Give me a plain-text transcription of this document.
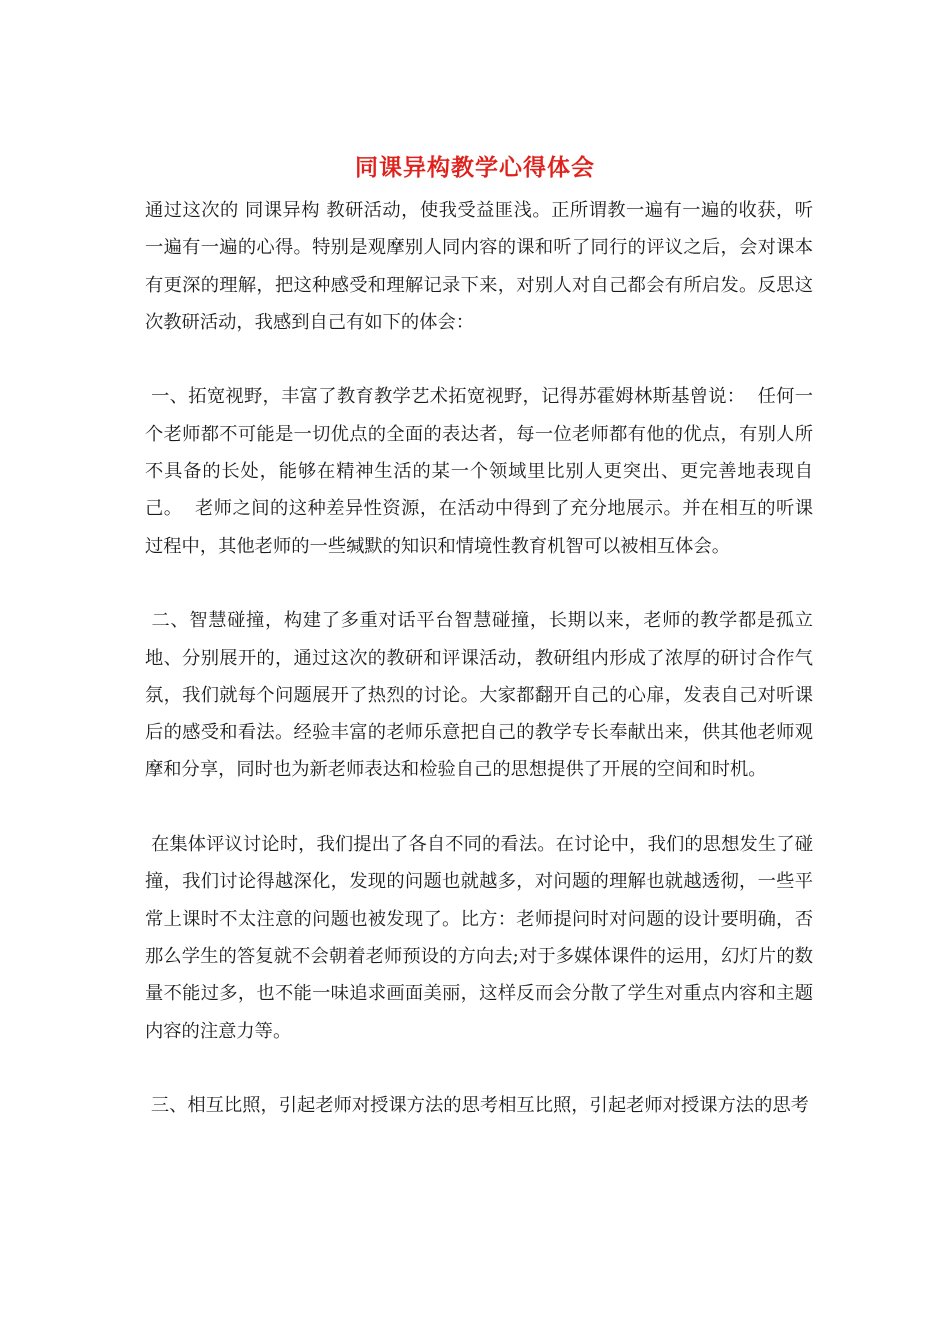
同课异构教学心得体会

通过这次的 同课异构 教研活动，使我受益匪浅。正所谓教一遍有一遍的收获，听一遍有一遍的心得。特别是观摩别人同内容的课和听了同行的评议之后，会对课本有更深的理解，把这种感受和理解记录下来，对别人对自己都会有所启发。反思这次教研活动，我感到自己有如下的体会：

一、拓宽视野，丰富了教育教学艺术拓宽视野，记得苏霍姆林斯基曾说：  任何一个老师都不可能是一切优点的全面的表达者，每一位老师都有他的优点，有别人所不具备的长处，能够在精神生活的某一个领域里比别人更突出、更完善地表现自己。  老师之间的这种差异性资源，在活动中得到了充分地展示。并在相互的听课过程中，其他老师的一些缄默的知识和情境性教育机智可以被相互体会。

二、智慧碰撞，构建了多重对话平台智慧碰撞，长期以来，老师的教学都是孤立地、分别展开的，通过这次的教研和评课活动，教研组内形成了浓厚的研讨合作气氛，我们就每个问题展开了热烈的讨论。大家都翻开自己的心扉，发表自己对听课后的感受和看法。经验丰富的老师乐意把自己的教学专长奉献出来，供其他老师观摩和分享，同时也为新老师表达和检验自己的思想提供了开展的空间和时机。

在集体评议讨论时，我们提出了各自不同的看法。在讨论中，我们的思想发生了碰撞，我们讨论得越深化，发现的问题也就越多，对问题的理解也就越透彻，一些平常上课时不太注意的问题也被发现了。比方：老师提问时对问题的设计要明确，否那么学生的答复就不会朝着老师预设的方向去;对于多媒体课件的运用，幻灯片的数量不能过多，也不能一味追求画面美丽，这样反而会分散了学生对重点内容和主题内容的注意力等。

三、相互比照，引起老师对授课方法的思考相互比照，引起老师对授课方法的思考
